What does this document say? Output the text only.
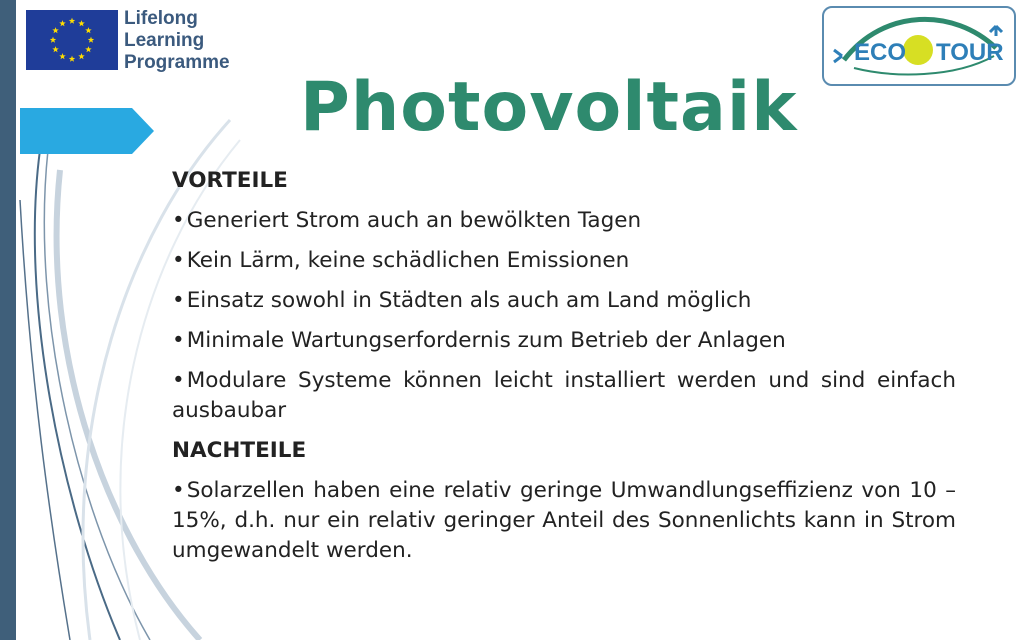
Lifelong
Learning
Programme	ECO TOUR
Photovoltaik
VORTEILE
•Generiert Strom auch an bewölkten Tagen
•Kein Lärm, keine schädlichen Emissionen
•Einsatz sowohl in Städten als auch am Land möglich
•Minimale Wartungserfordernis zum Betrieb der Anlagen
•Modulare Systeme können leicht installiert werden und sind einfach ausbaubar
NACHTEILE
•Solarzellen haben eine relativ geringe Umwandlungseffizienz von 10 – 15%, d.h. nur ein relativ geringer Anteil des Sonnenlichts kann in Strom umgewandelt werden.
